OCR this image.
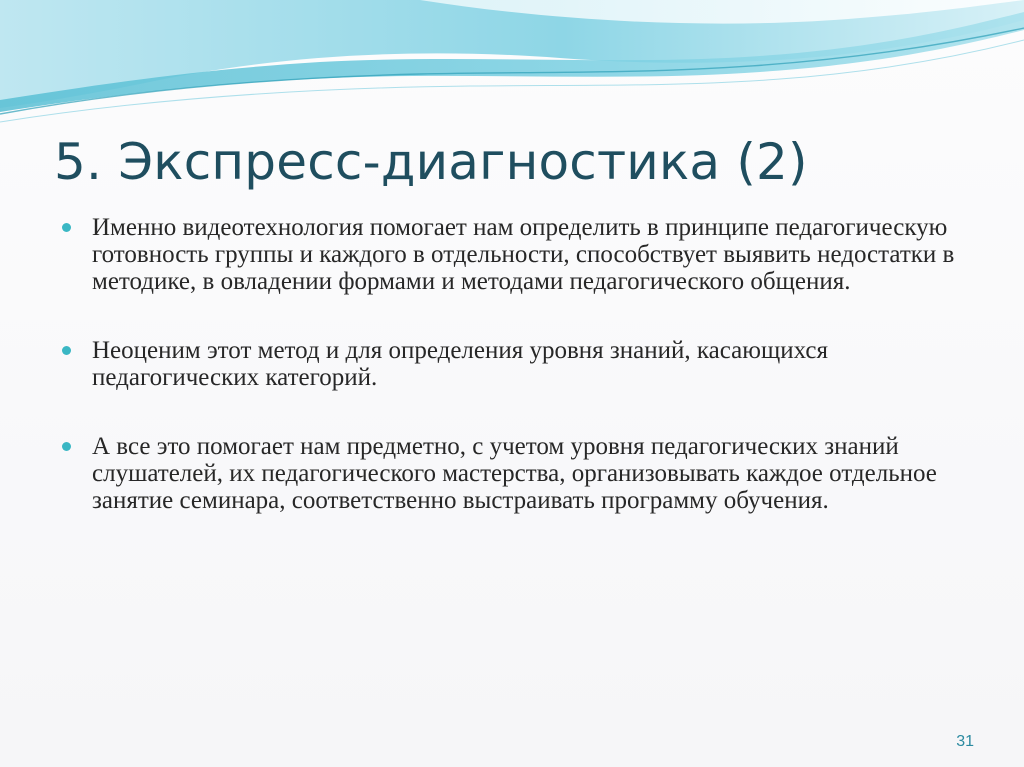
5. Экспресс-диагностика (2)
Именно видеотехнология помогает нам определить в принципе педагогическую готовность группы и каждого в отдельности, способствует выявить недостатки в методике, в овладении формами и методами педагогического общения.
Неоценим этот метод и для определения уровня знаний, касающихся педагогических категорий.
А все это помогает нам предметно, с учетом уровня педагогических знаний слушателей, их педагогического мастерства, организовывать каждое отдельное занятие семинара, соответственно выстраивать программу обучения.
31
